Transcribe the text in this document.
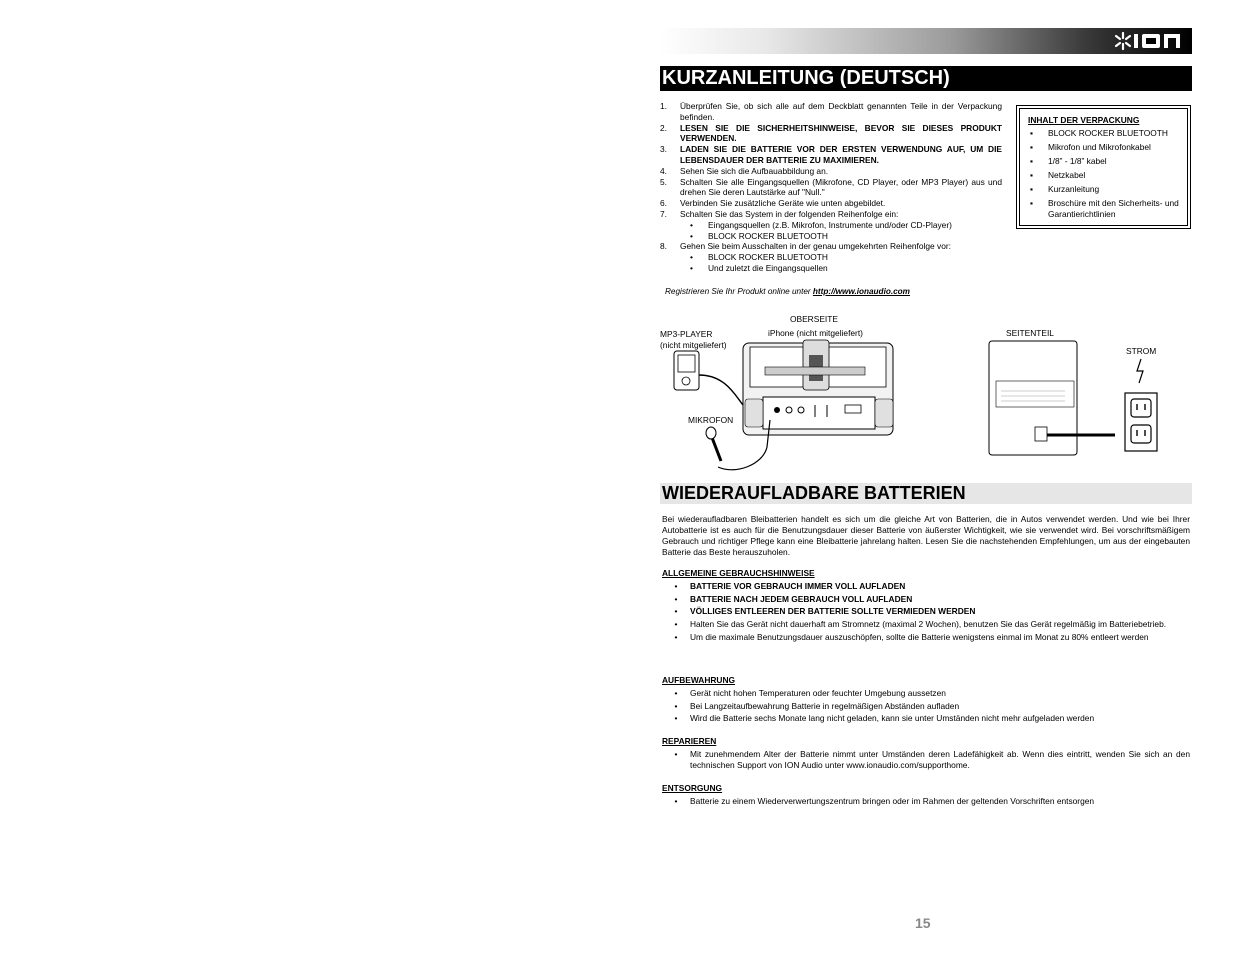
KURZANLEITUNG (DEUTSCH)
1.	Überprüfen Sie, ob sich alle auf dem Deckblatt genannten Teile in der Verpackung befinden.
2.	LESEN SIE DIE SICHERHEITSHINWEISE, BEVOR SIE DIESES PRODUKT VERWENDEN.
3.	LADEN SIE DIE BATTERIE VOR DER ERSTEN VERWENDUNG AUF, UM DIE LEBENSDAUER DER BATTERIE ZU MAXIMIEREN.
4.	Sehen Sie sich die Aufbauabbildung an.
5.	Schalten Sie alle Eingangsquellen (Mikrofone, CD Player, oder MP3 Player) aus und drehen Sie deren Lautstärke auf "Null."
6.	Verbinden Sie zusätzliche Geräte wie unten abgebildet.
7.	Schalten Sie das System in der folgenden Reihenfolge ein:
•	Eingangsquellen (z.B. Mikrofon, Instrumente und/oder CD-Player)
•	BLOCK ROCKER BLUETOOTH
8.	Gehen Sie beim Ausschalten in der genau umgekehrten Reihenfolge vor:
•	BLOCK ROCKER BLUETOOTH
•	Und zuletzt die Eingangsquellen
Registrieren Sie Ihr Produkt online unter http://www.ionaudio.com
INHALT DER VERPACKUNG
▪	BLOCK ROCKER BLUETOOTH
▪	Mikrofon und Mikrofonkabel
▪	1/8” - 1/8” kabel
▪	Netzkabel
▪	Kurzanleitung
▪	Broschüre mit den Sicherheits- und Garantierichtlinien
OBERSEITE
iPhone (nicht mitgeliefert)
MP3-PLAYER
(nicht mitgeliefert)
MIKROFON
SEITENTEIL
STROM
WIEDERAUFLADBARE BATTERIEN
Bei wiederaufladbaren Bleibatterien handelt es sich um die gleiche Art von Batterien, die in Autos verwendet werden. Und wie bei Ihrer Autobatterie ist es auch für die Benutzungsdauer dieser Batterie von äußerster Wichtigkeit, wie sie verwendet wird. Bei vorschriftsmäßigem Gebrauch und richtiger Pflege kann eine Bleibatterie jahrelang halten. Lesen Sie die nachstehenden Empfehlungen, um aus der eingebauten Batterie das Beste herauszuholen.
ALLGEMEINE GEBRAUCHSHINWEISE
•	BATTERIE VOR GEBRAUCH IMMER VOLL AUFLADEN
•	BATTERIE NACH JEDEM GEBRAUCH VOLL AUFLADEN
•	VÖLLIGES ENTLEEREN DER BATTERIE SOLLTE VERMIEDEN WERDEN
•	Halten Sie das Gerät nicht dauerhaft am Stromnetz (maximal 2 Wochen), benutzen Sie das Gerät regelmäßig im Batteriebetrieb.
•	Um die maximale Benutzungsdauer auszuschöpfen, sollte die Batterie wenigstens einmal im Monat zu 80% entleert werden
AUFBEWAHRUNG
•	Gerät nicht hohen Temperaturen oder feuchter Umgebung aussetzen
•	Bei Langzeitaufbewahrung Batterie in regelmäßigen Abständen aufladen
•	Wird die Batterie sechs Monate lang nicht geladen, kann sie unter Umständen nicht mehr aufgeladen werden
REPARIEREN
•	Mit zunehmendem Alter der Batterie nimmt unter Umständen deren Ladefähigkeit ab. Wenn dies eintritt, wenden Sie sich an den technischen Support von ION Audio unter www.ionaudio.com/supporthome.
ENTSORGUNG
•	Batterie zu einem Wiederverwertungszentrum bringen oder im Rahmen der geltenden Vorschriften entsorgen
15
